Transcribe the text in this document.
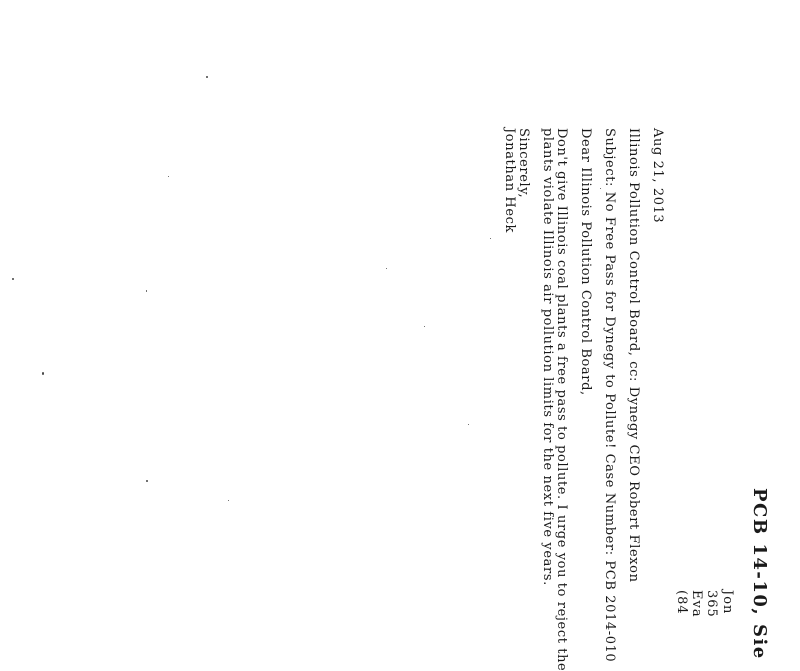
PCB 14-10, Sie
Jon
365
Eva
(84
Aug 21, 2013
Illinois Pollution Control Board, cc: Dynegy CEO Robert Flexon
Subject: No Free Pass for Dynegy to Pollute! Case Number: PCB 2014-010
Dear Illinois Pollution Control Board,
Don't give Illinois coal plants a free pass to pollute. I urge you to reject the
plants violate Illinois air pollution limits for the next five years.
Sincerely,
Jonathan Heck
